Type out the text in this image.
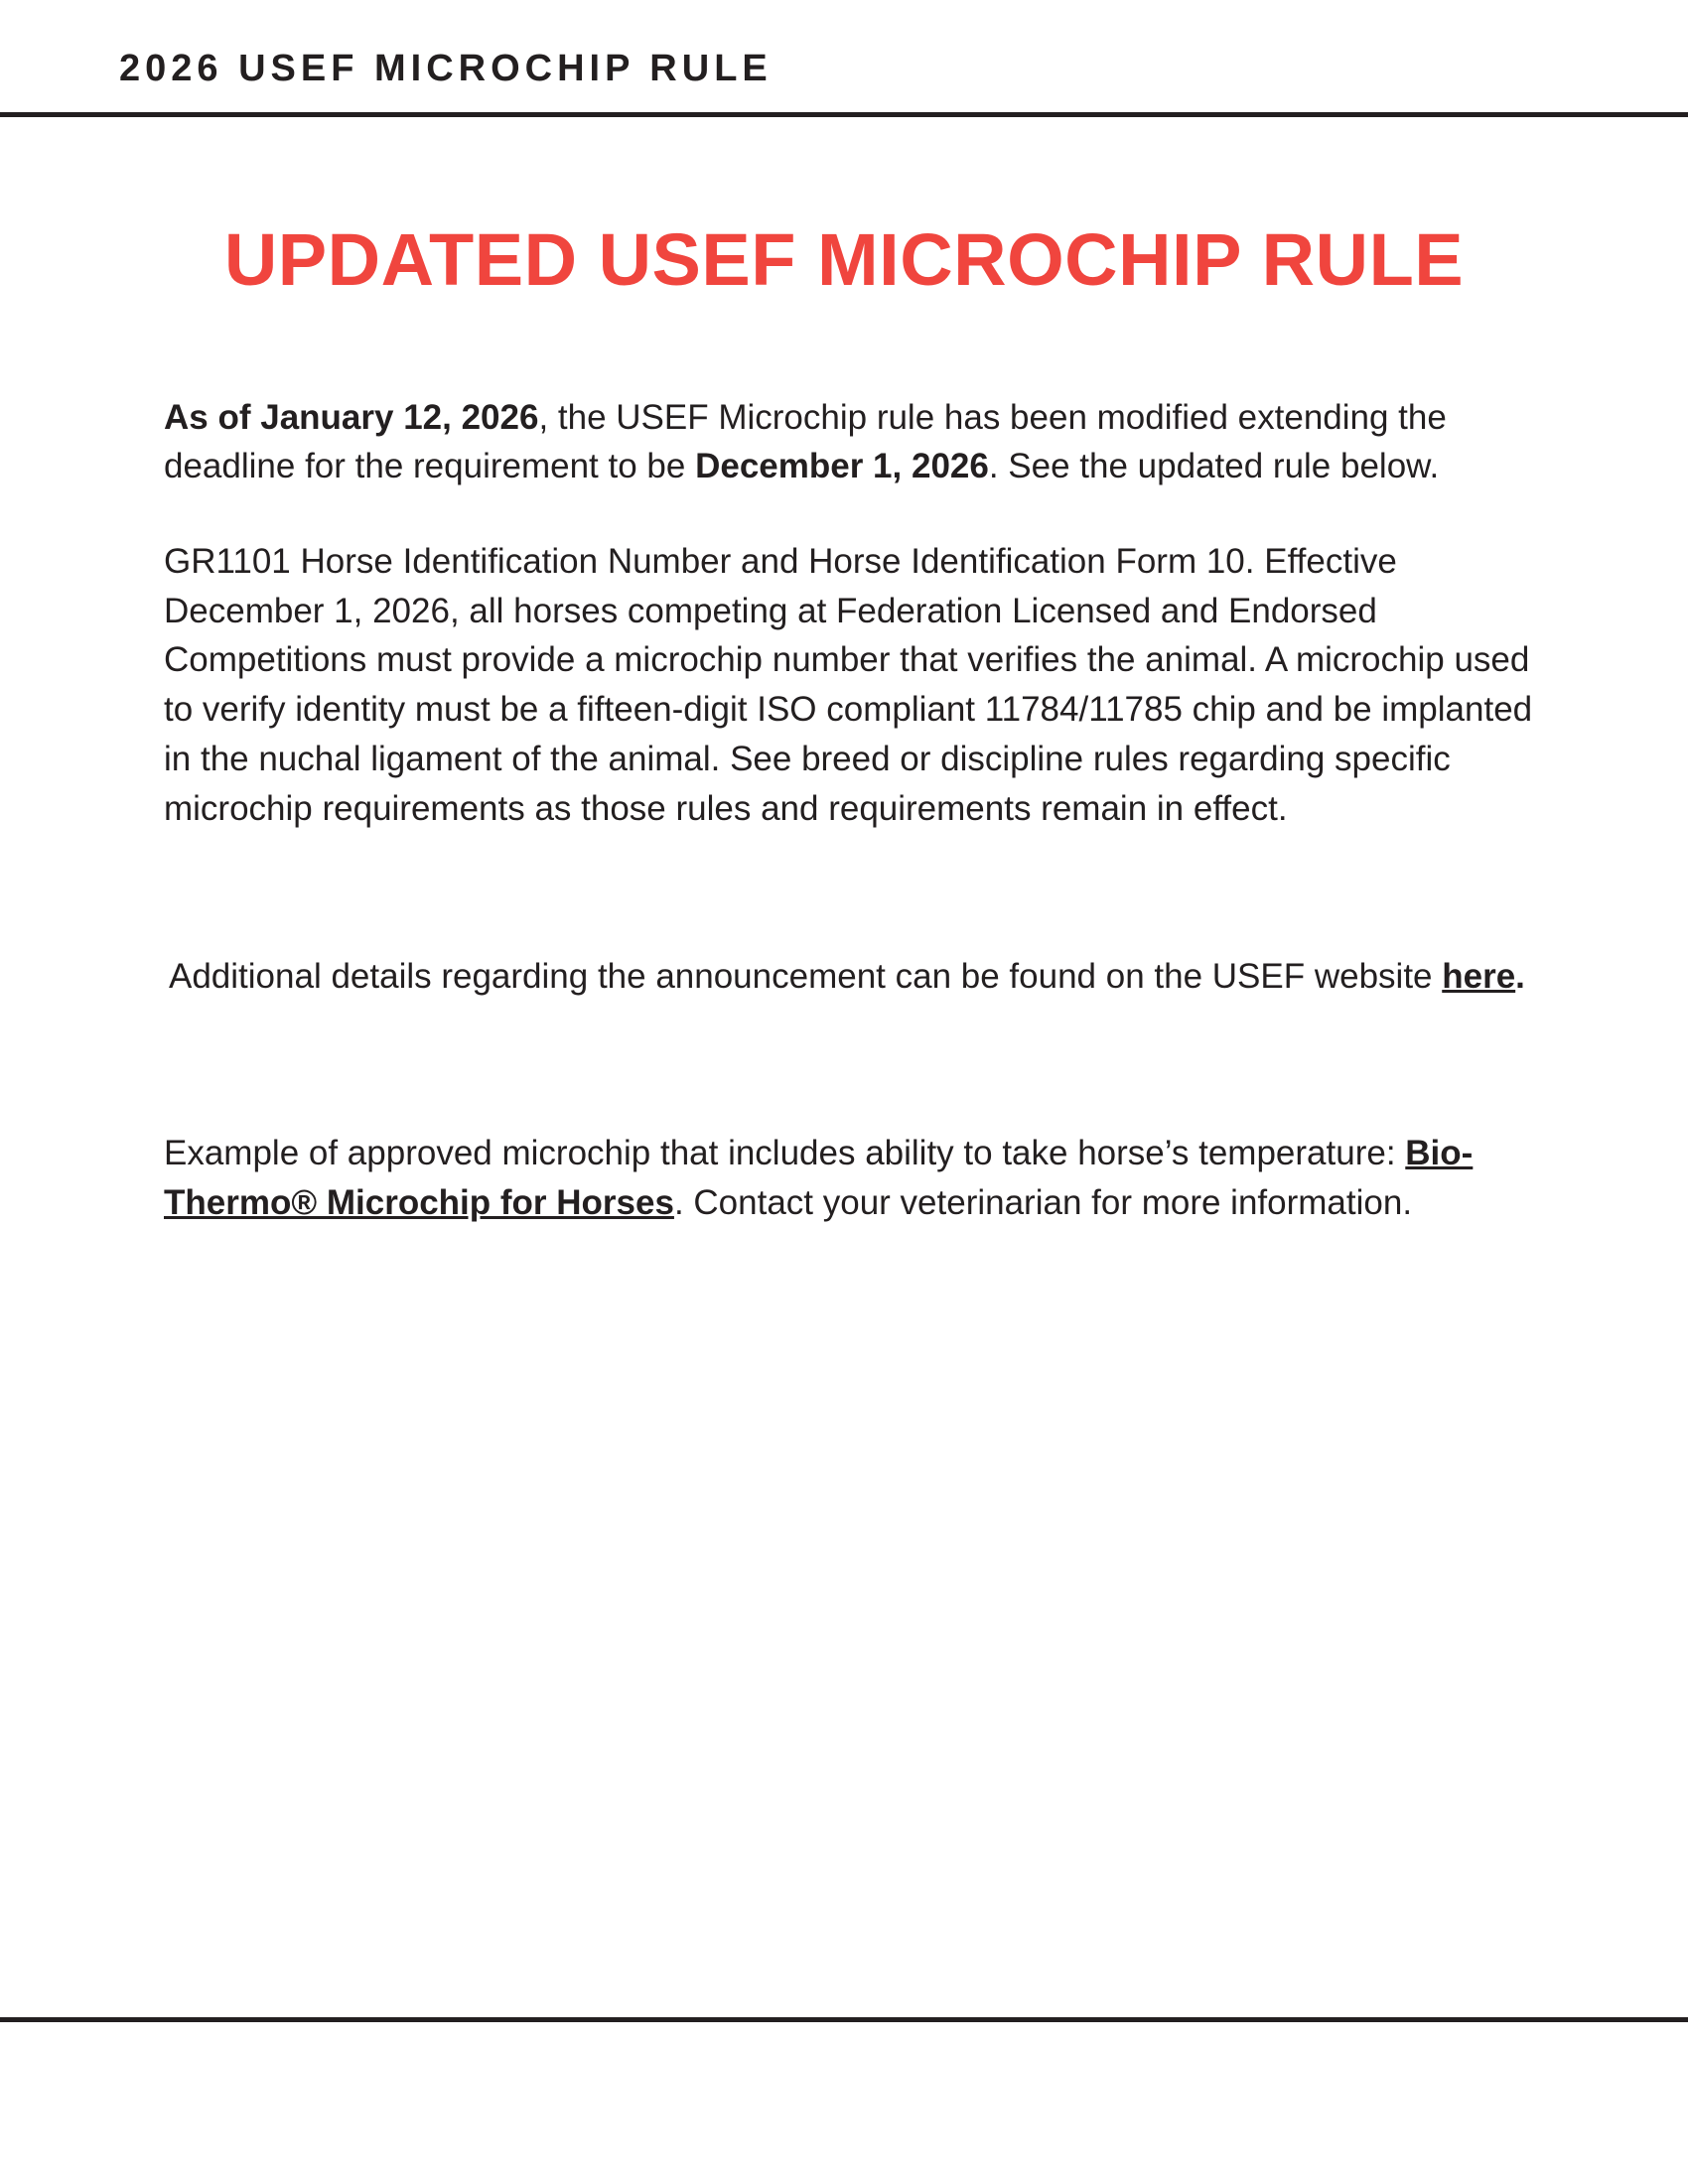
2026 USEF MICROCHIP RULE
UPDATED USEF MICROCHIP RULE
As of January 12, 2026, the USEF Microchip rule has been modified extending the deadline for the requirement to be December 1, 2026. See the updated rule below.
GR1101 Horse Identification Number and Horse Identification Form 10. Effective December 1, 2026, all horses competing at Federation Licensed and Endorsed Competitions must provide a microchip number that verifies the animal. A microchip used to verify identity must be a fifteen-digit ISO compliant 11784/11785 chip and be implanted in the nuchal ligament of the animal. See breed or discipline rules regarding specific microchip requirements as those rules and requirements remain in effect.
Additional details regarding the announcement can be found on the USEF website here.
Example of approved microchip that includes ability to take horse’s temperature: Bio-Thermo® Microchip for Horses. Contact your veterinarian for more information.
